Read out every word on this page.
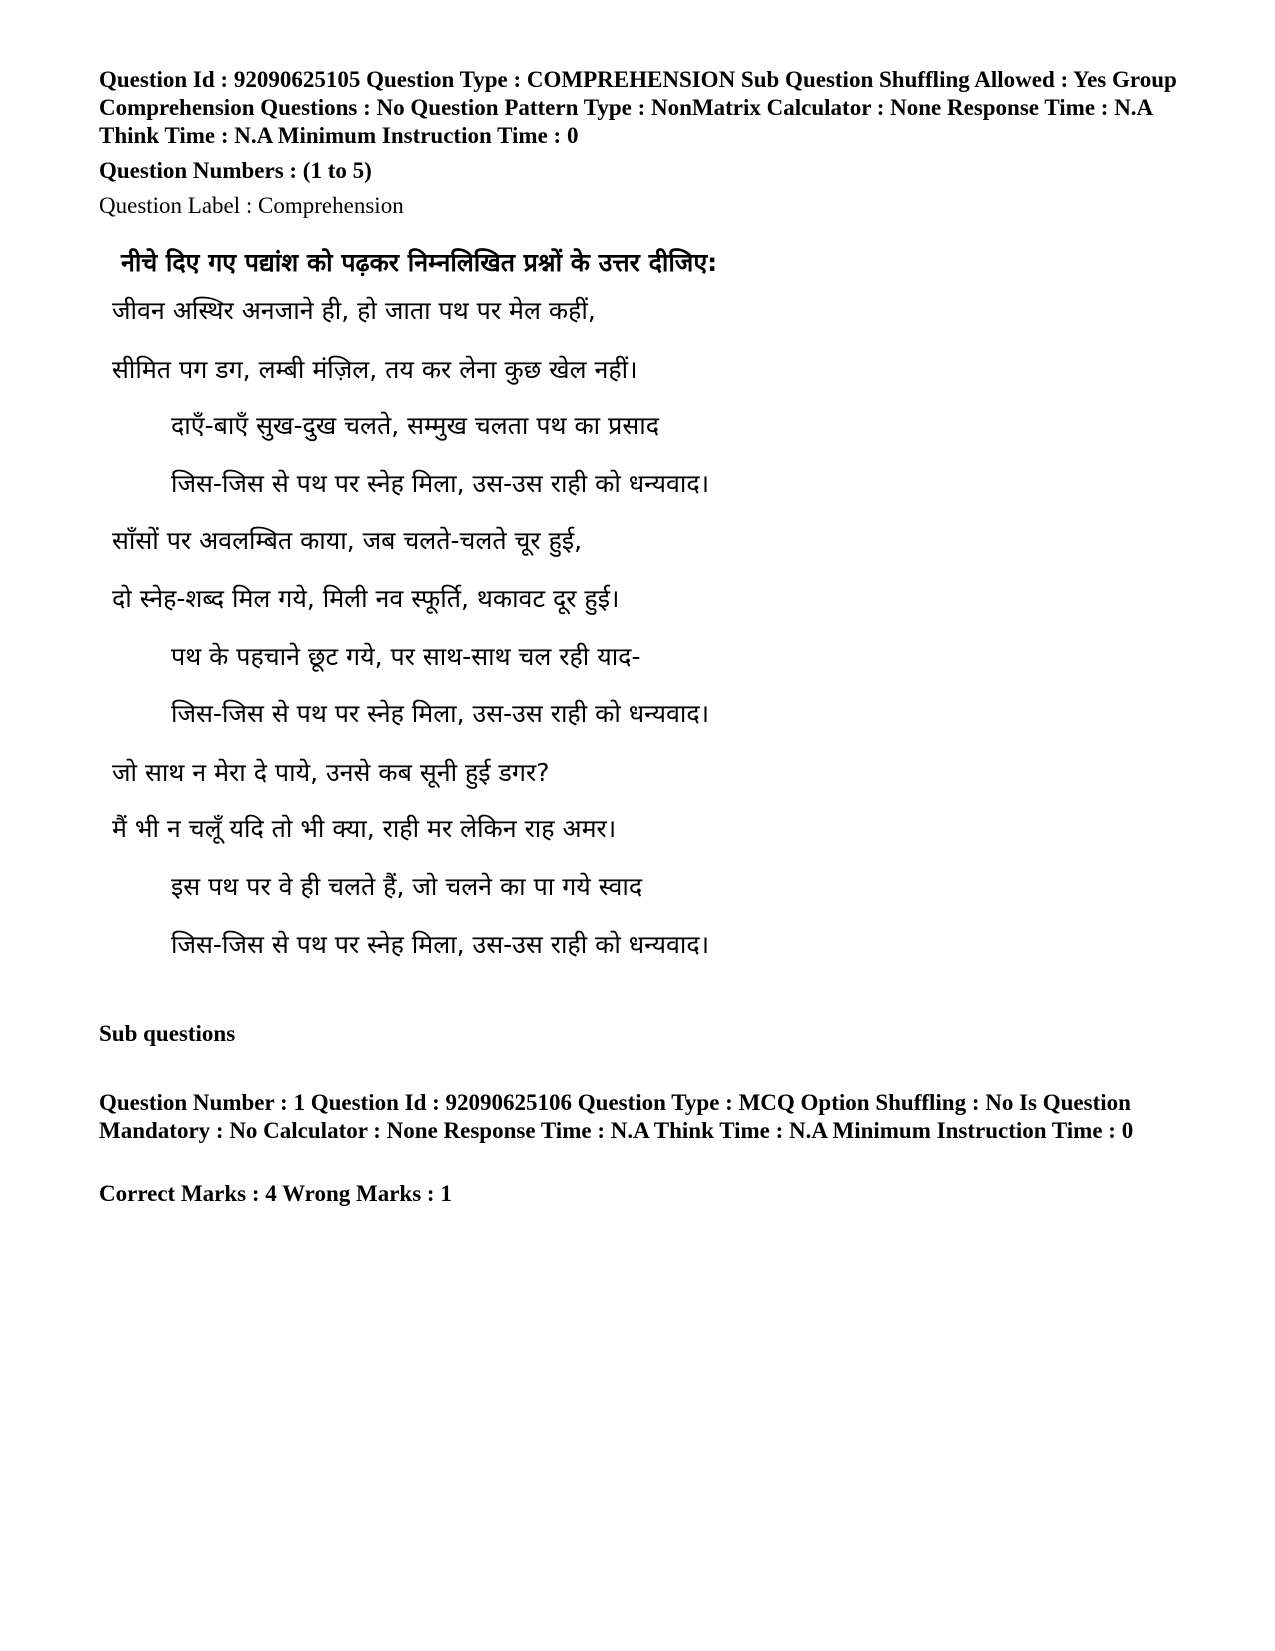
Question Id : 92090625105 Question Type : COMPREHENSION Sub Question Shuffling Allowed : Yes Group Comprehension Questions : No Question Pattern Type : NonMatrix Calculator : None Response Time : N.A Think Time : N.A Minimum Instruction Time : 0
Question Numbers : (1 to 5)
Question Label : Comprehension
नीचे दिए गए पद्यांश को पढ़कर निम्नलिखित प्रश्नों के उत्तर दीजिए:
जीवन अस्थिर अनजाने ही, हो जाता पथ पर मेल कहीं,
सीमित पग डग, लम्बी मंज़िल, तय कर लेना कुछ खेल नहीं।
दाएँ-बाएँ सुख-दुख चलते, सम्मुख चलता पथ का प्रसाद
जिस-जिस से पथ पर स्नेह मिला, उस-उस राही को धन्यवाद।
साँसों पर अवलम्बित काया, जब चलते-चलते चूर हुई,
दो स्नेह-शब्द मिल गये, मिली नव स्फूर्ति, थकावट दूर हुई।
पथ के पहचाने छूट गये, पर साथ-साथ चल रही याद-
जिस-जिस से पथ पर स्नेह मिला, उस-उस राही को धन्यवाद।
जो साथ न मेरा दे पाये, उनसे कब सूनी हुई डगर?
मैं भी न चलूँ यदि तो भी क्या, राही मर लेकिन राह अमर।
इस पथ पर वे ही चलते हैं, जो चलने का पा गये स्वाद
जिस-जिस से पथ पर स्नेह मिला, उस-उस राही को धन्यवाद।
Sub questions
Question Number : 1 Question Id : 92090625106 Question Type : MCQ Option Shuffling : No Is Question Mandatory : No Calculator : None Response Time : N.A Think Time : N.A Minimum Instruction Time : 0
Correct Marks : 4 Wrong Marks : 1
